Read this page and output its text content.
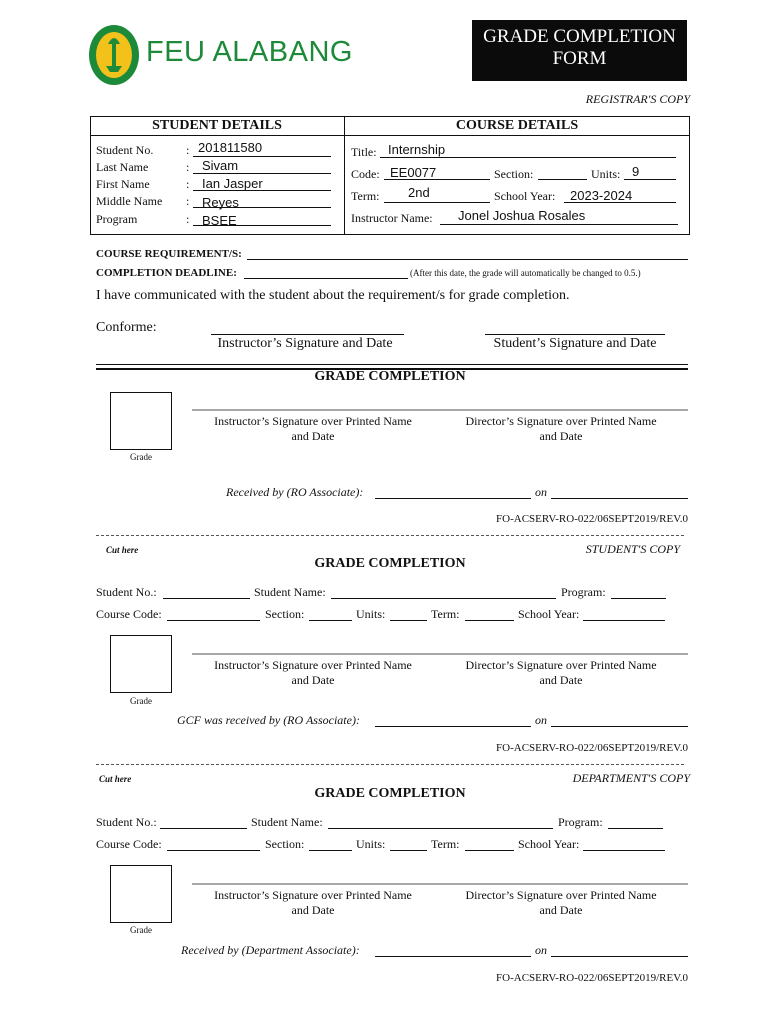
FEU ALABANG	GRADE COMPLETION
FORM
REGISTRAR'S COPY
STUDENT DETAILS	COURSE DETAILS
Student No.	: 201811580
Last Name	: Sivam
First Name	: Ian Jasper
Middle Name : Reyes
Program	: BSEE
Title: Internship
Code: EE0077	Section:	Units: 9
Term: 2nd	School Year: 2023-2024
Instructor Name: Jonel Joshua Rosales
COURSE REQUIREMENT/S:
COMPLETION DEADLINE:	(After this date, the grade will automatically be changed to 0.5.)
I have communicated with the student about the requirement/s for grade completion.
Conforme:
Instructor’s Signature and Date	Student’s Signature and Date
GRADE COMPLETION
Grade
Instructor’s Signature over Printed Name
and Date
Director’s Signature over Printed Name
and Date
Received by (RO Associate):	on
FO-ACSERV-RO-022/06SEPT2019/REV.0
Cut here	STUDENT'S COPY
GRADE COMPLETION
Student No.:	Student Name:	Program:
Course Code:	Section:	Units:	Term:	School Year:
Grade
Instructor’s Signature over Printed Name
and Date
Director’s Signature over Printed Name
and Date
GCF was received by (RO Associate):	on
FO-ACSERV-RO-022/06SEPT2019/REV.0
Cut here	DEPARTMENT'S COPY
GRADE COMPLETION
Student No.:	Student Name:	Program:
Course Code:	Section:	Units:	Term:	School Year:
Grade
Instructor’s Signature over Printed Name
and Date
Director’s Signature over Printed Name
and Date
Received by (Department Associate):	on
FO-ACSERV-RO-022/06SEPT2019/REV.0
